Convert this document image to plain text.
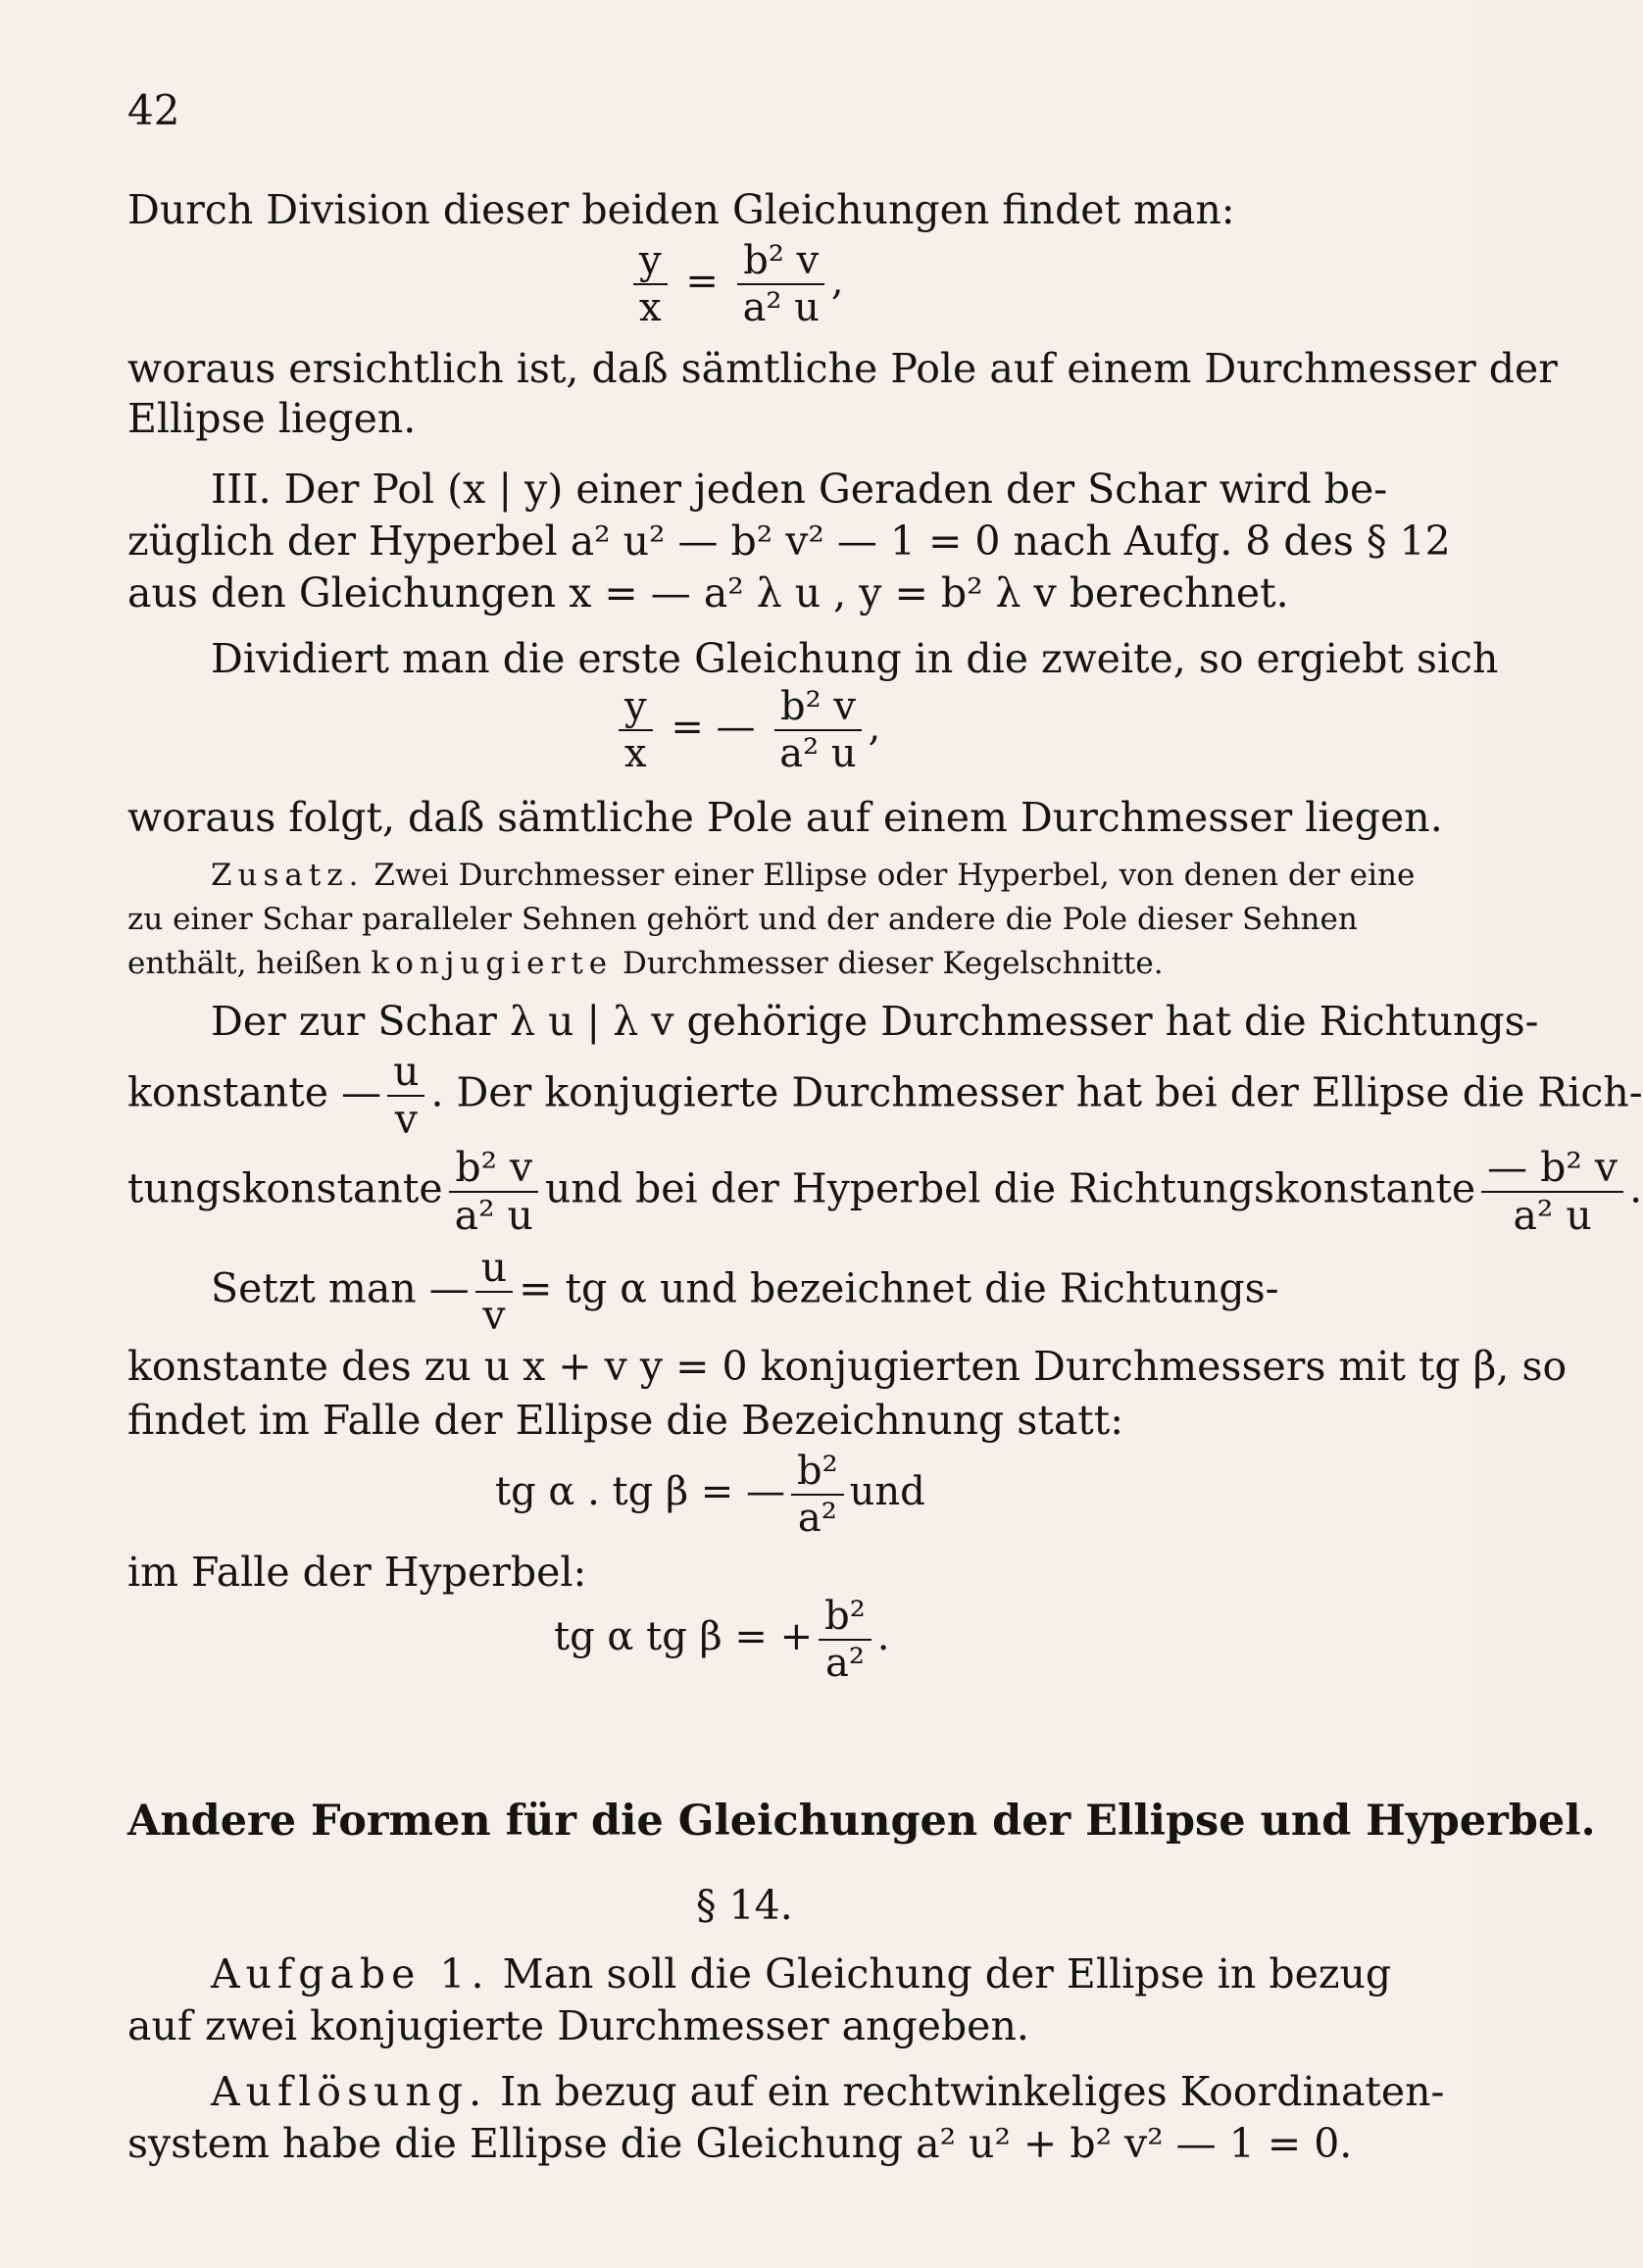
42
Durch Division dieser beiden Gleichungen findet man:
$\frac{y}{x} = \frac{\text{b² v}}{\text{a² u}}$ ,
woraus ersichtlich ist, daß sämtliche Pole auf einem Durchmesser der
Ellipse liegen.
III. Der Pol (x | y) einer jeden Geraden der Schar wird be-
züglich der Hyperbel a² u² — b² v² — 1 = 0 nach Aufg. 8 des § 12
aus den Gleichungen x = — a² λ u , y = b² λ v berechnet.
Dividiert man die erste Gleichung in die zweite, so ergiebt sich
$\frac{y}{x}$ = — $\frac{\text{b² v}}{\text{a² u}}$ ,
woraus folgt, daß sämtliche Pole auf einem Durchmesser liegen.
Zusatz. Zwei Durchmesser einer Ellipse oder Hyperbel, von denen der eine
zu einer Schar paralleler Sehnen gehört und der andere die Pole dieser Sehnen
enthält, heißen konjugierte Durchmesser dieser Kegelschnitte.
Der zur Schar λ u | λ v gehörige Durchmesser hat die Richtungs-
konstante — $\frac{u}{v}$ . Der konjugierte Durchmesser hat bei der Ellipse die Rich-
tungskonstante $\frac{\text{b² v}}{\text{a² u}}$ und bei der Hyperbel die Richtungskonstante $\frac{\text{— b² v}}{\text{a² u}}$ .
Setzt man — $\frac{u}{v}$ = tg α und bezeichnet die Richtungs-
konstante des zu u x + v y = 0 konjugierten Durchmessers mit tg β, so
findet im Falle der Ellipse die Bezeichnung statt:
tg α . tg β = — $\frac{\text{b²}}{\text{a²}}$ und
im Falle der Hyperbel:
tg α tg β = + $\frac{\text{b²}}{\text{a²}}$ .
Andere Formen für die Gleichungen der Ellipse und Hyperbel.
§ 14.
Aufgabe 1. Man soll die Gleichung der Ellipse in bezug
auf zwei konjugierte Durchmesser angeben.
Auflösung. In bezug auf ein rechtwinkeliges Koordinaten-
system habe die Ellipse die Gleichung a² u² + b² v² — 1 = 0.
